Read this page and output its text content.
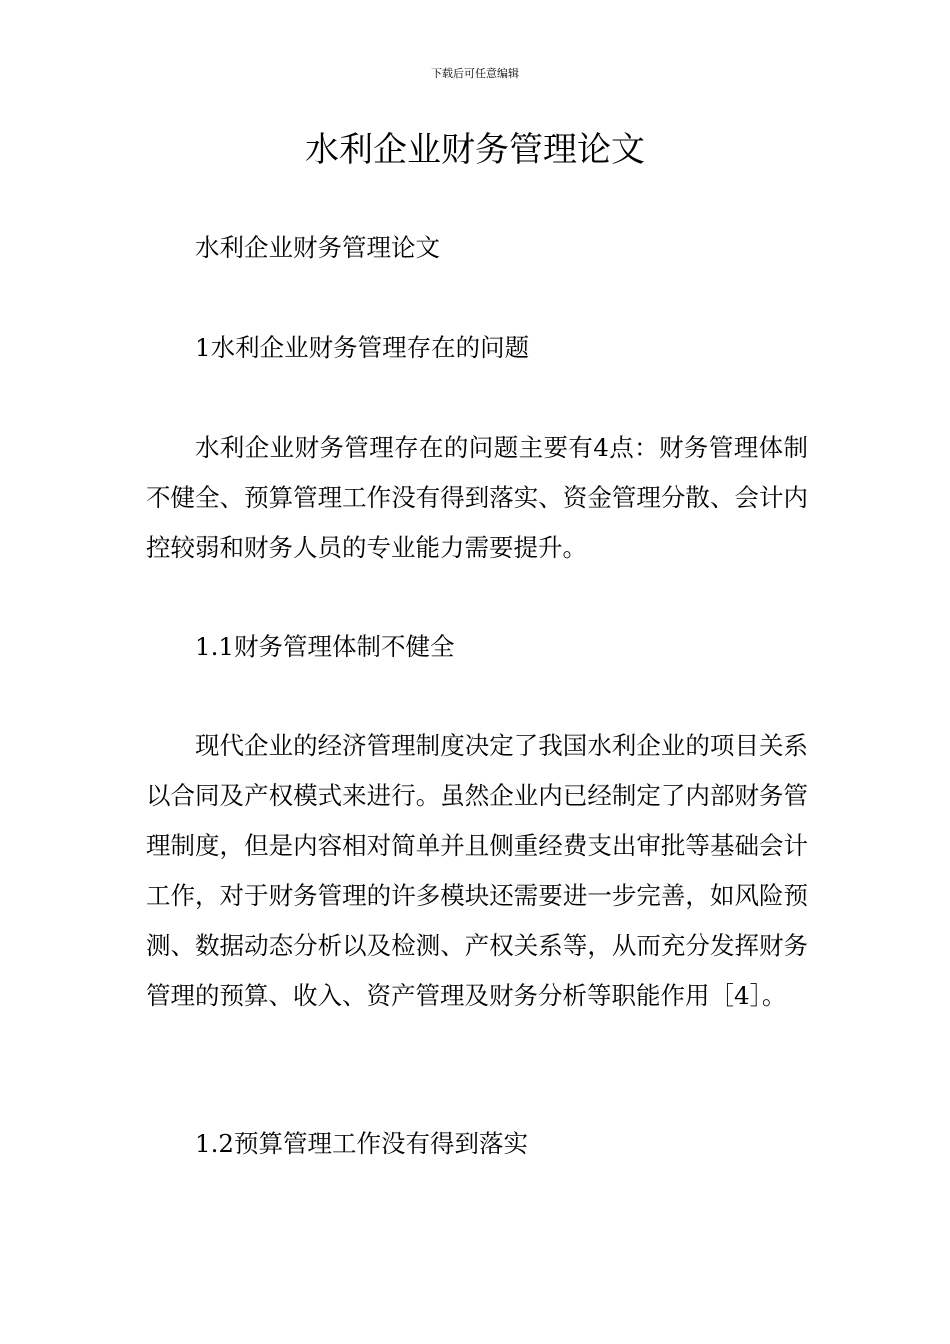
下载后可任意编辑
水利企业财务管理论文

水利企业财务管理论文

1水利企业财务管理存在的问题

水利企业财务管理存在的问题主要有4点：财务管理体制不健全、预算管理工作没有得到落实、资金管理分散、会计内控较弱和财务人员的专业能力需要提升。

1.1财务管理体制不健全

现代企业的经济管理制度决定了我国水利企业的项目关系以合同及产权模式来进行。虽然企业内已经制定了内部财务管理制度，但是内容相对简单并且侧重经费支出审批等基础会计工作，对于财务管理的许多模块还需要进一步完善，如风险预测、数据动态分析以及检测、产权关系等，从而充分发挥财务管理的预算、收入、资产管理及财务分析等职能作用［4］。

1.2预算管理工作没有得到落实
